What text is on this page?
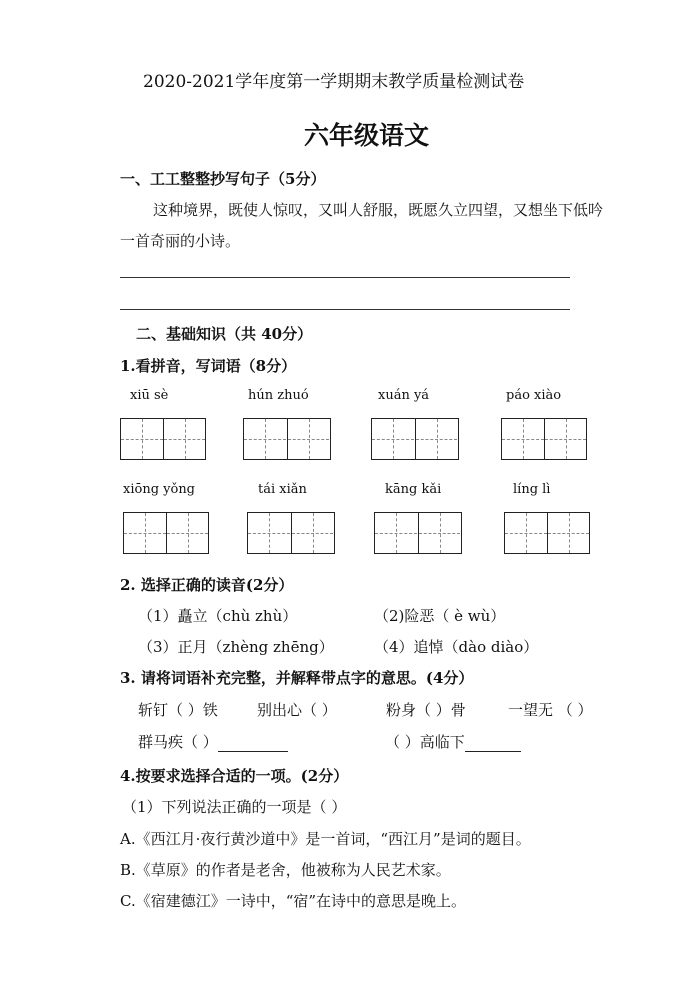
2020-2021学年度第一学期期末教学质量检测试卷
六年级语文
一、工工整整抄写句子（5分）
这种境界，既使人惊叹，又叫人舒服，既愿久立四望，又想坐下低吟
一首奇丽的小诗。
二、基础知识（共 40分）
1.看拼音，写词语（8分）
xiū sè	hún zhuó	xuán yá	páo xiào
xiōng yǒng	tái xiǎn	kāng kǎi	líng lì
2. 选择正确的读音(2分）
（1）矗立（chù zhù）	（2)险恶（ è wù）
（3）正月（zhèng zhēng）	（4）追悼（dào diào）
3. 请将词语补充完整，并解释带点字的意思。(4分）
斩钉（ ）铁	别出心（ ）	粉身（ ）骨	一望无 （ ）
群马疾（ ）	（ ）高临下
4.按要求选择合适的一项。(2分）
（1）下列说法正确的一项是（ ）
A.《西江月·夜行黄沙道中》是一首词，“西江月”是词的题目。
B.《草原》的作者是老舍，他被称为人民艺术家。
C.《宿建德江》一诗中，“宿”在诗中的意思是晚上。
